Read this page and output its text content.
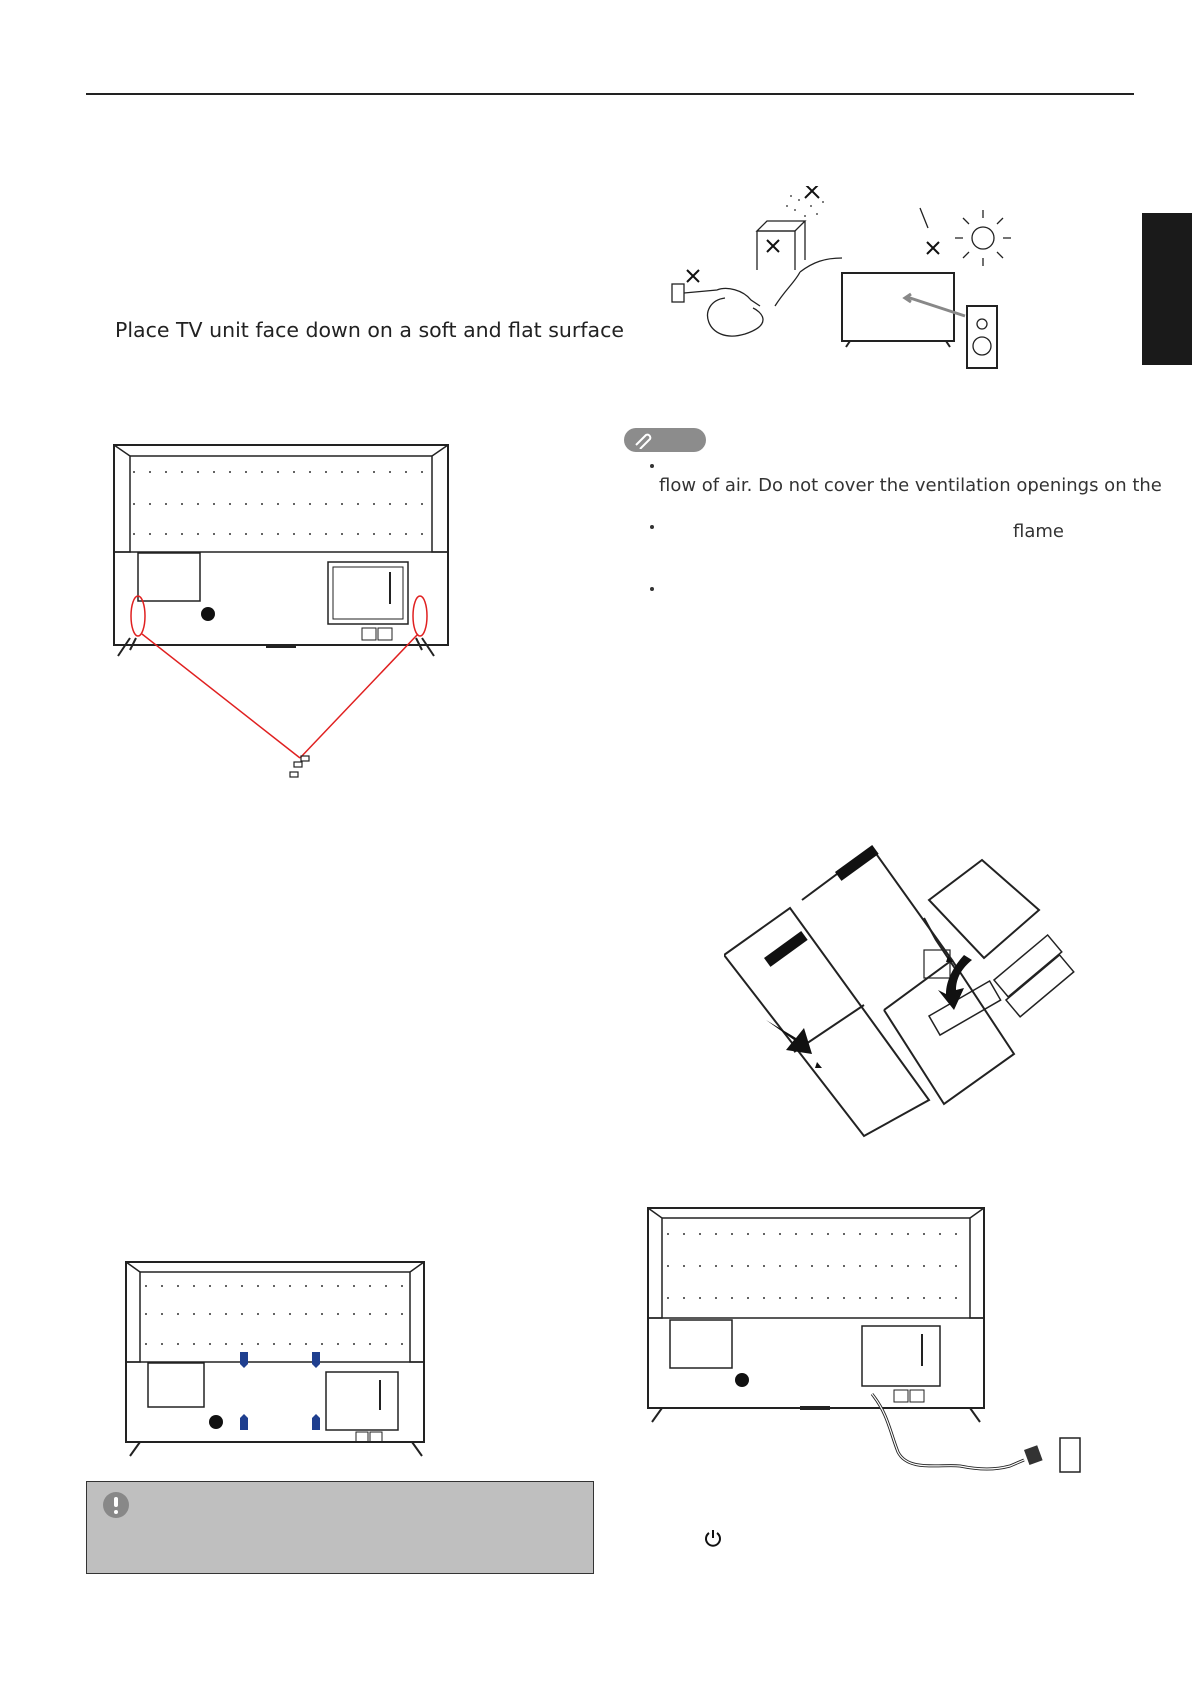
Place TV unit face down on a soft and flat surface
flow of air. Do not cover the ventilation openings on the
flame
